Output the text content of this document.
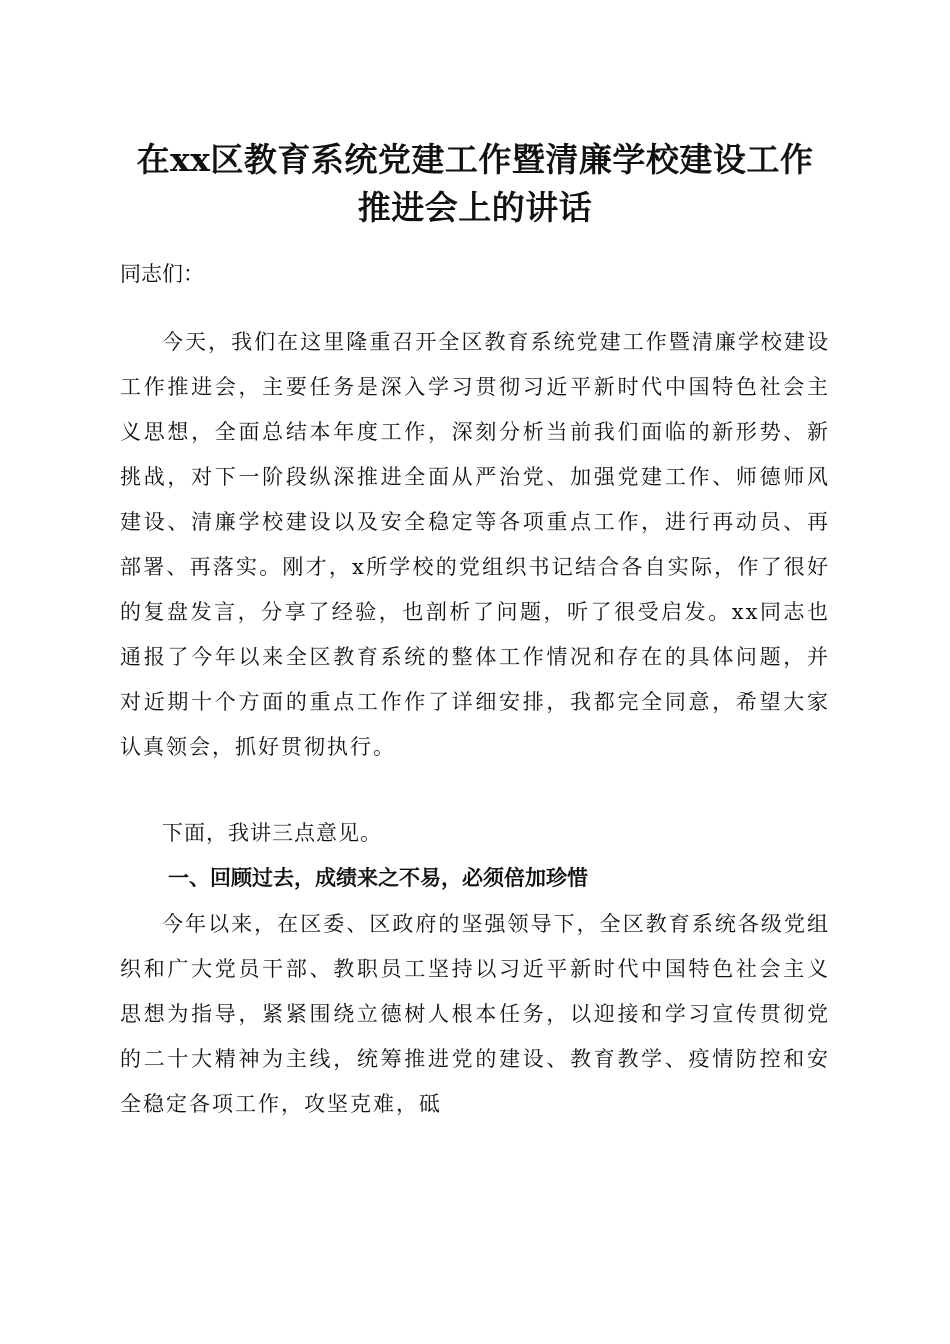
在xx区教育系统党建工作暨清廉学校建设工作推进会上的讲话

同志们：

今天，我们在这里隆重召开全区教育系统党建工作暨清廉学校建设工作推进会，主要任务是深入学习贯彻习近平新时代中国特色社会主义思想，全面总结本年度工作，深刻分析当前我们面临的新形势、新挑战，对下一阶段纵深推进全面从严治党、加强党建工作、师德师风建设、清廉学校建设以及安全稳定等各项重点工作，进行再动员、再部署、再落实。刚才，x所学校的党组织书记结合各自实际，作了很好的复盘发言，分享了经验，也剖析了问题，听了很受启发。xx同志也通报了今年以来全区教育系统的整体工作情况和存在的具体问题，并对近期十个方面的重点工作作了详细安排，我都完全同意，希望大家认真领会，抓好贯彻执行。

下面，我讲三点意见。

一、回顾过去，成绩来之不易，必须倍加珍惜

今年以来，在区委、区政府的坚强领导下，全区教育系统各级党组织和广大党员干部、教职员工坚持以习近平新时代中国特色社会主义思想为指导，紧紧围绕立德树人根本任务，以迎接和学习宣传贯彻党的二十大精神为主线，统筹推进党的建设、教育教学、疫情防控和安全稳定各项工作，攻坚克难，砥
